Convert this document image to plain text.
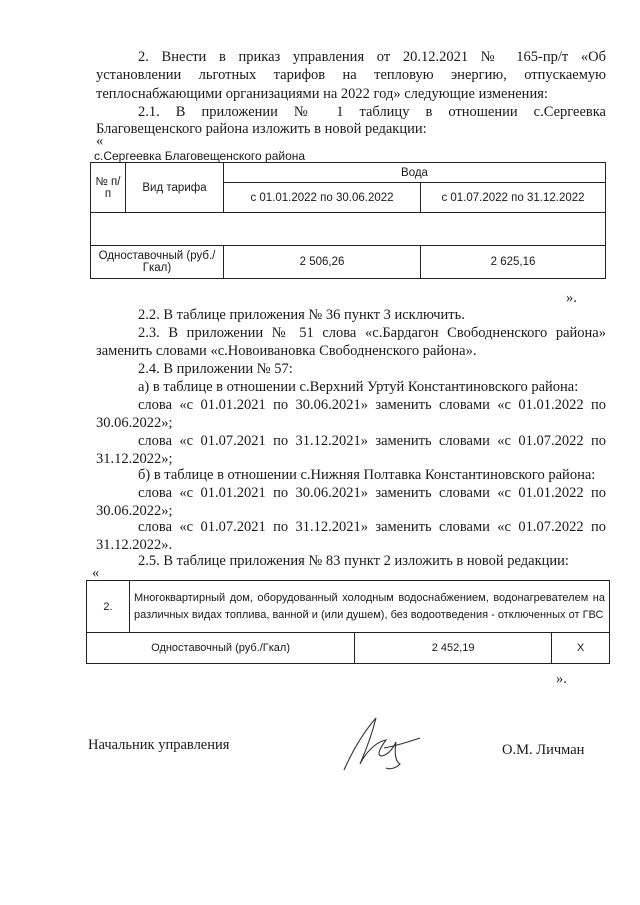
2. Внести в приказ управления от 20.12.2021 № 165-пр/т «Об
установлении льготных тарифов на тепловую энергию, отпускаемую
теплоснабжающими организациями на 2022 год» следующие изменения:
2.1. В приложении № 1 таблицу в отношении с.Сергеевка
Благовещенского района изложить в новой редакции:
«
с.Сергеевка Благовещенского района
№ п/п	Вид тарифа	Вода	
		с 01.01.2022 по 30.06.2022	с 01.07.2022 по 31.12.2022

Одноставочный (руб./Гкал)		2 506,26	2 625,16
».
2.2. В таблице приложения № 36 пункт 3 исключить.
2.3. В приложении № 51 слова «с.Бардагон Свободненского района»
заменить словами «с.Новоивановка Свободненского района».
2.4. В приложении № 57:
а) в таблице в отношении с.Верхний Уртуй Константиновского района:
слова «с 01.01.2021 по 30.06.2021» заменить словами «с 01.01.2022 по
30.06.2022»;
слова «с 01.07.2021 по 31.12.2021» заменить словами «с 01.07.2022 по
31.12.2022»;
б) в таблице в отношении с.Нижняя Полтавка Константиновского района:
слова «с 01.01.2021 по 30.06.2021» заменить словами «с 01.01.2022 по
30.06.2022»;
слова «с 01.07.2021 по 31.12.2021» заменить словами «с 01.07.2022 по
31.12.2022».
2.5. В таблице приложения № 83 пункт 2 изложить в новой редакции:
«
2.	Многоквартирный дом, оборудованный холодным водоснабжением, водонагревателем на различных видах топлива, ванной и (или душем), без водоотведения - отключенных от ГВС		
Одноставочный (руб./Гкал)		2 452,19	Х
».
Начальник управления	О.М. Личман
